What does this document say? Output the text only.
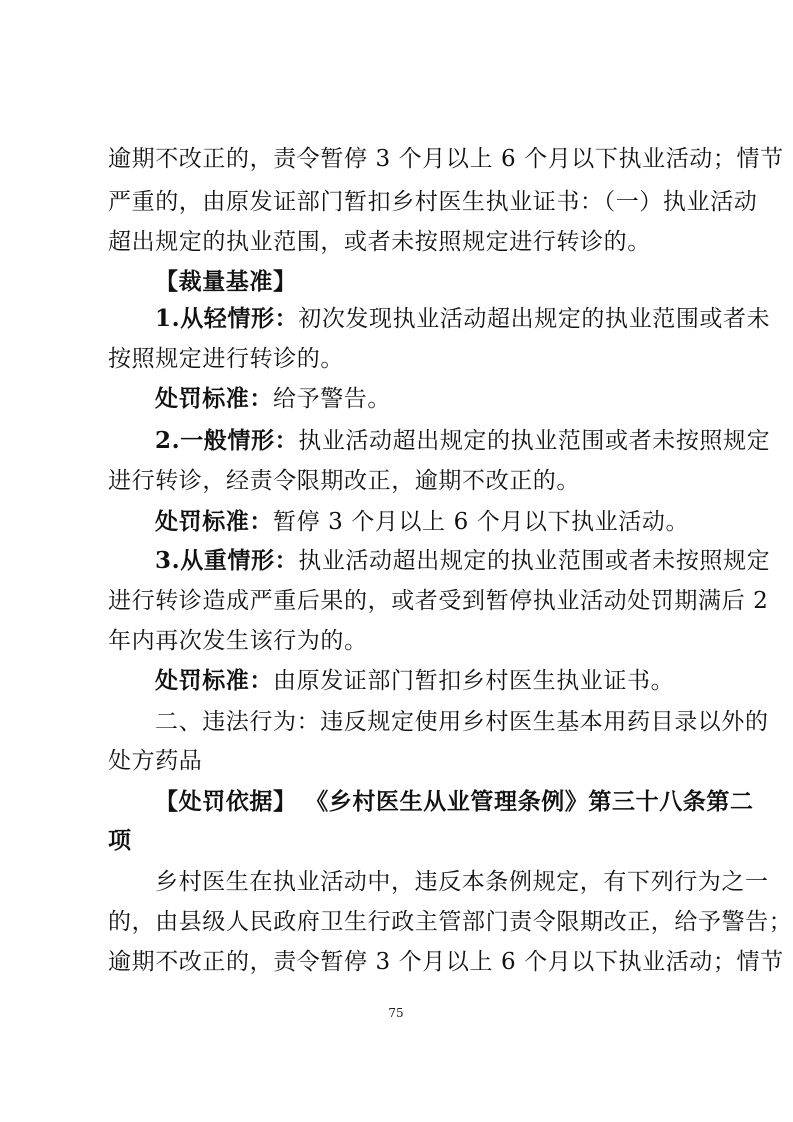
逾期不改正的，责令暂停 3 个月以上 6 个月以下执业活动；情节
严重的，由原发证部门暂扣乡村医生执业证书：（一）执业活动
超出规定的执业范围，或者未按照规定进行转诊的。
【裁量基准】
1.从轻情形：初次发现执业活动超出规定的执业范围或者未
按照规定进行转诊的。
处罚标准：给予警告。
2.一般情形：执业活动超出规定的执业范围或者未按照规定
进行转诊，经责令限期改正，逾期不改正的。
处罚标准：暂停 3 个月以上 6 个月以下执业活动。
3.从重情形：执业活动超出规定的执业范围或者未按照规定
进行转诊造成严重后果的，或者受到暂停执业活动处罚期满后 2
年内再次发生该行为的。
处罚标准：由原发证部门暂扣乡村医生执业证书。
二、违法行为：违反规定使用乡村医生基本用药目录以外的
处方药品
【处罚依据】 《乡村医生从业管理条例》第三十八条第二
项
乡村医生在执业活动中，违反本条例规定，有下列行为之一
的，由县级人民政府卫生行政主管部门责令限期改正，给予警告；
逾期不改正的，责令暂停 3 个月以上 6 个月以下执业活动；情节
75
